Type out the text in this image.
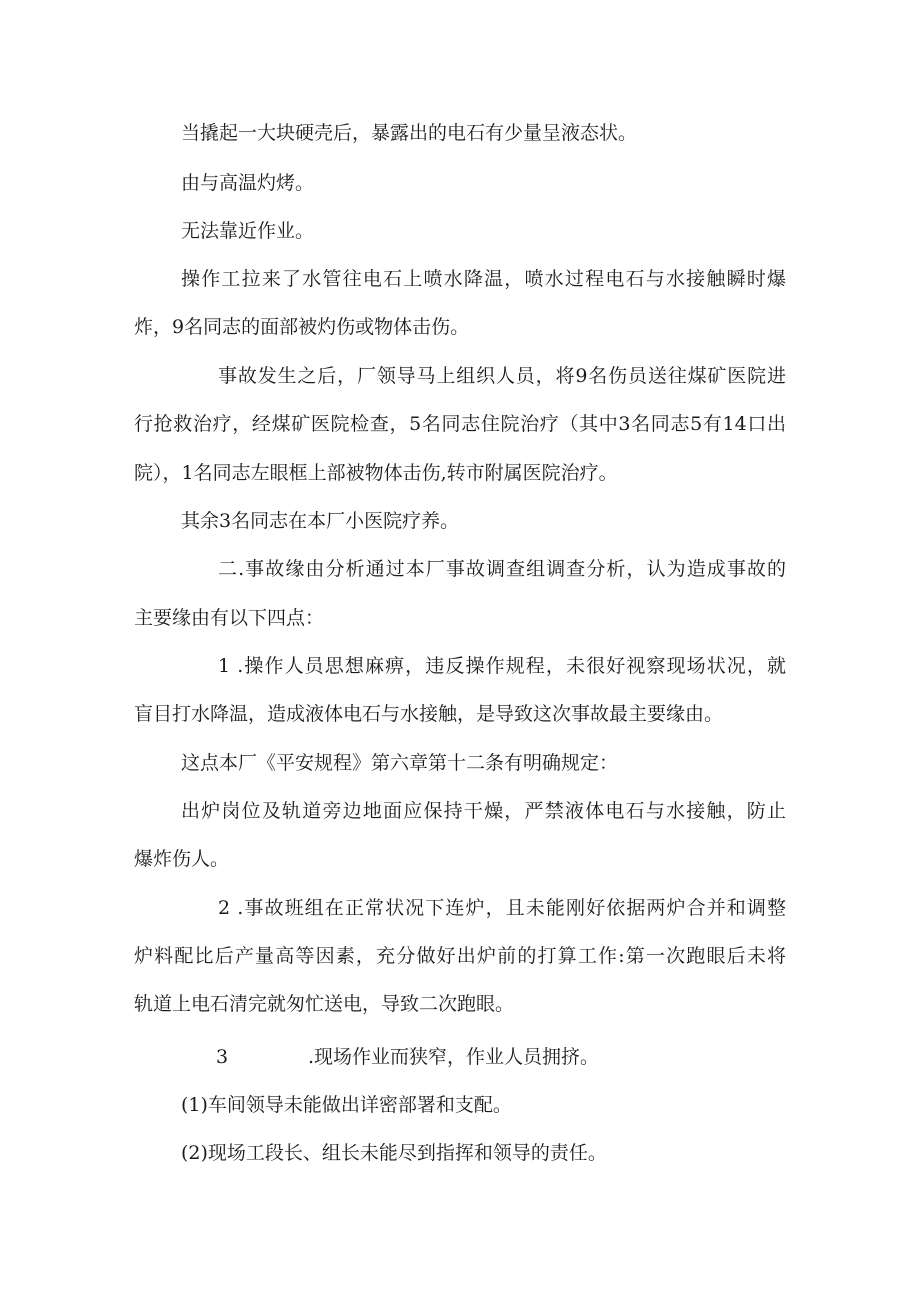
当撬起一大块硬壳后，暴露出的电石有少量呈液态状。
由与高温灼烤。
无法靠近作业。
操作工拉来了水管往电石上喷水降温，喷水过程电石与水接触瞬时爆
炸，9名同志的面部被灼伤或物体击伤。
事故发生之后，厂领导马上组织人员，将9名伤员送往煤矿医院进
行抢救治疗，经煤矿医院检查，5名同志住院治疗（其中3名同志5有14口出
院），1名同志左眼框上部被物体击伤,转市附属医院治疗。
其余3名同志在本厂小医院疗养。
二.事故缘由分析通过本厂事故调查组调查分析，认为造成事故的
主要缘由有以下四点：
1 .操作人员思想麻痹，违反操作规程，未很好视察现场状况，就
盲目打水降温，造成液体电石与水接触，是导致这次事故最主要缘由。
这点本厂《平安规程》第六章第十二条有明确规定：
出炉岗位及轨道旁边地面应保持干燥，严禁液体电石与水接触，防止
爆炸伤人。
2 .事故班组在正常状况下连炉，且未能刚好依据两炉合并和调整
炉料配比后产量高等因素，充分做好出炉前的打算工作:第一次跑眼后未将
轨道上电石清完就匆忙送电，导致二次跑眼。
3	.现场作业而狭窄，作业人员拥挤。
(1)车间领导未能做出详密部署和支配。
(2)现场工段长、组长未能尽到指挥和领导的责任。
